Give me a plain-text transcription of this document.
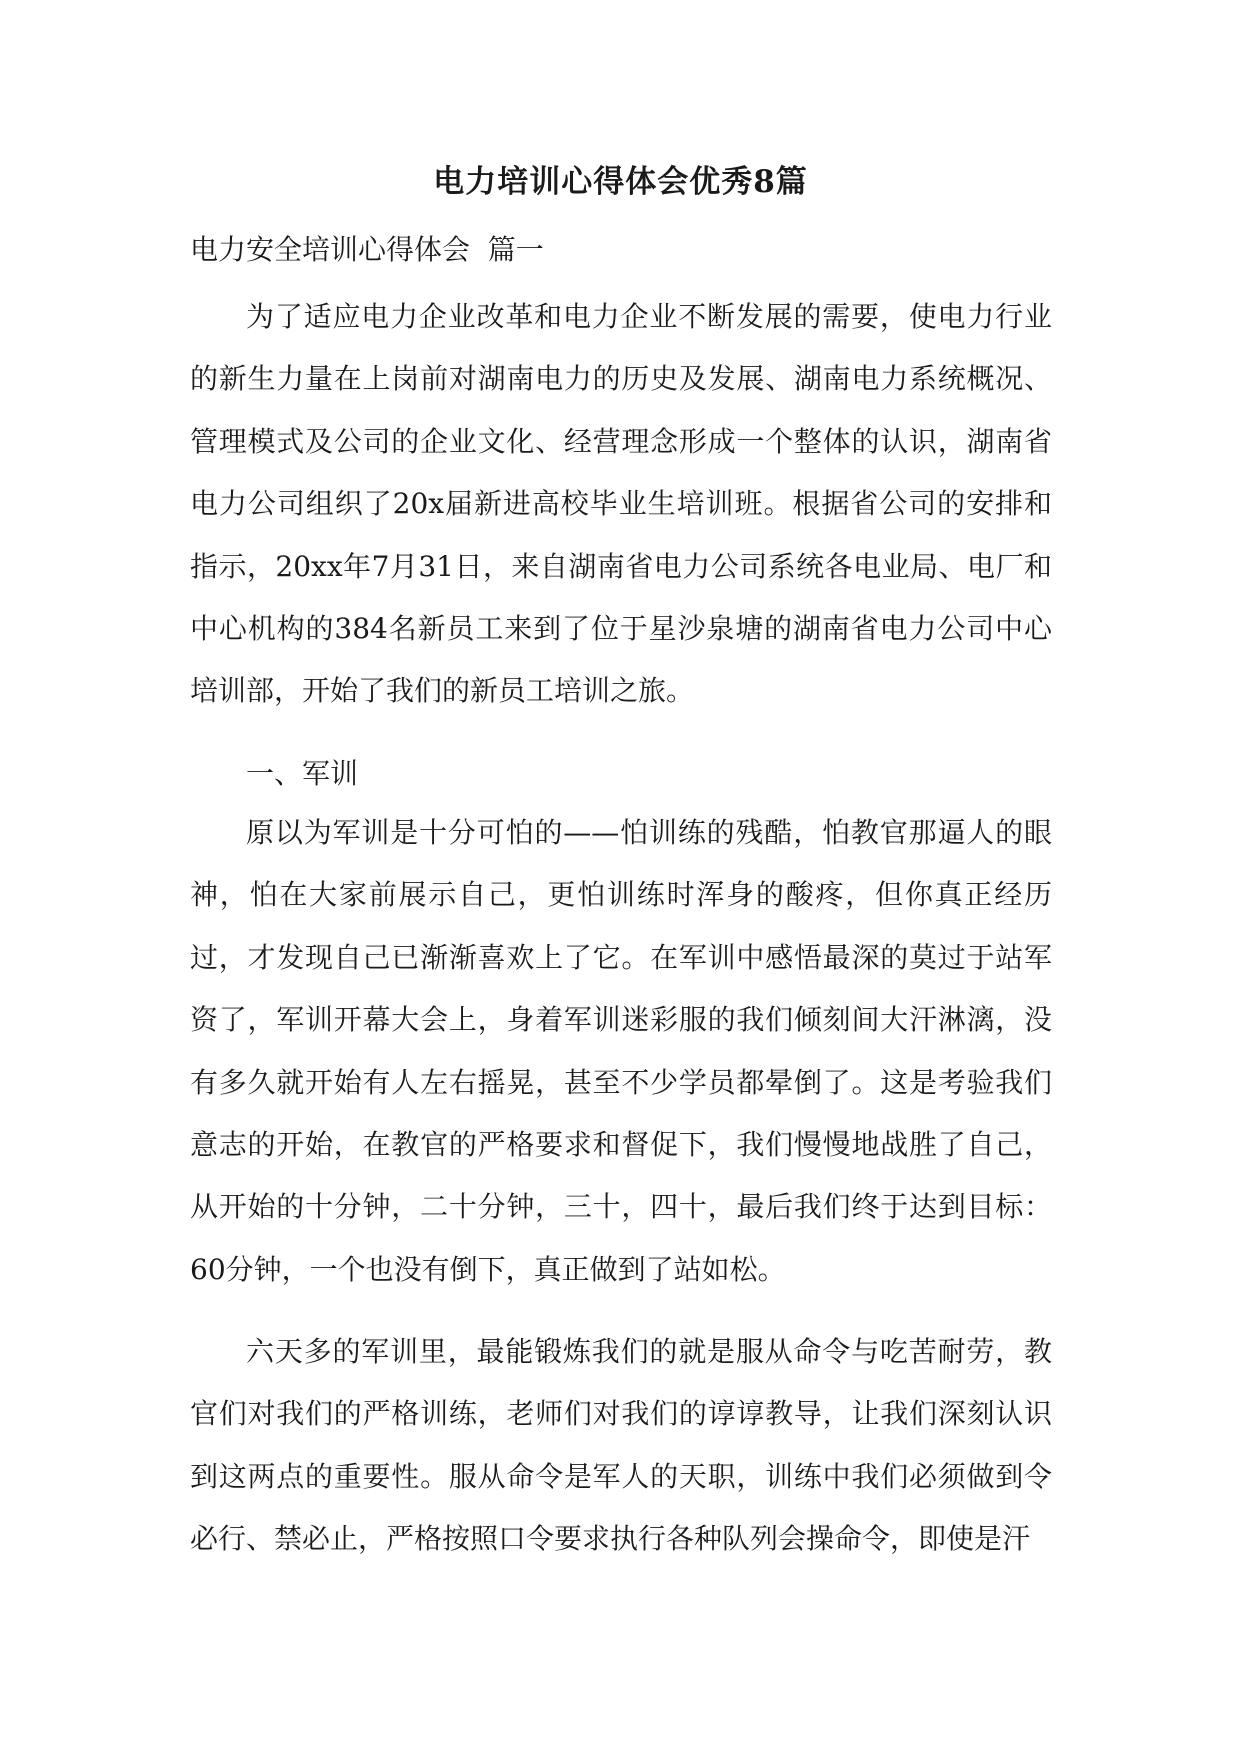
电力培训心得体会优秀8篇
电力安全培训心得体会  篇一

为了适应电力企业改革和电力企业不断发展的需要，使电力行业的新生力量在上岗前对湖南电力的历史及发展、湖南电力系统概况、管理模式及公司的企业文化、经营理念形成一个整体的认识，湖南省电力公司组织了20x届新进高校毕业生培训班。根据省公司的安排和指示，20xx年7月31日，来自湖南省电力公司系统各电业局、电厂和中心机构的384名新员工来到了位于星沙泉塘的湖南省电力公司中心培训部，开始了我们的新员工培训之旅。

一、军训

原以为军训是十分可怕的——怕训练的残酷，怕教官那逼人的眼神，怕在大家前展示自己，更怕训练时浑身的酸疼，但你真正经历过，才发现自己已渐渐喜欢上了它。在军训中感悟最深的莫过于站军资了，军训开幕大会上，身着军训迷彩服的我们倾刻间大汗淋漓，没有多久就开始有人左右摇晃，甚至不少学员都晕倒了。这是考验我们意志的开始，在教官的严格要求和督促下，我们慢慢地战胜了自己，从开始的十分钟，二十分钟，三十，四十，最后我们终于达到目标：60分钟，一个也没有倒下，真正做到了站如松。

六天多的军训里，最能锻炼我们的就是服从命令与吃苦耐劳，教官们对我们的严格训练，老师们对我们的谆谆教导，让我们深刻认识到这两点的重要性。服从命令是军人的天职，训练中我们必须做到令必行、禁必止，严格按照口令要求执行各种队列会操命令，即使是汗
